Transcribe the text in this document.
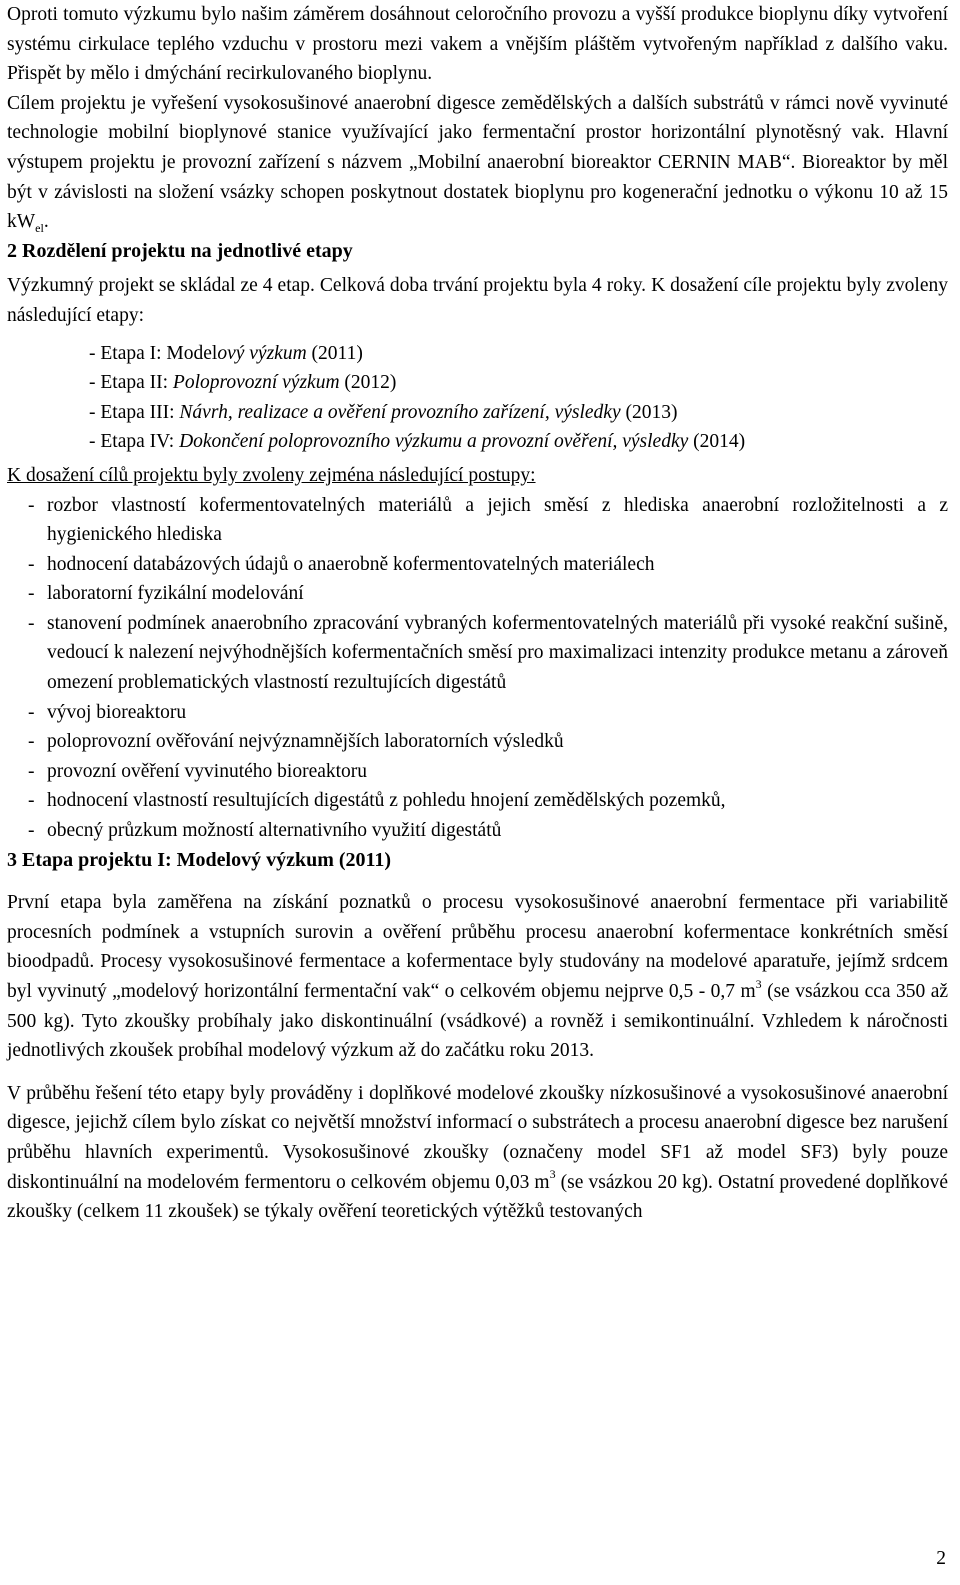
Oproti tomuto výzkumu bylo našim záměrem dosáhnout celoročního provozu a vyšší produkce bioplynu díky vytvoření systému cirkulace teplého vzduchu v prostoru mezi vakem a vnějším pláštěm vytvořeným například z dalšího vaku. Přispět by mělo i dmýchání recirkulovaného bioplynu.

Cílem projektu je vyřešení vysokosušinové anaerobní digesce zemědělských a dalších substrátů v rámci nově vyvinuté technologie mobilní bioplynové stanice využívající jako fermentační prostor horizontální plynotěsný vak. Hlavní výstupem projektu je provozní zařízení s názvem „Mobilní anaerobní bioreaktor CERNIN MAB“. Bioreaktor by měl být v závislosti na složení vsázky schopen poskytnout dostatek bioplynu pro kogenerační jednotku o výkonu 10 až 15 $kW_{el}$.

2 Rozdělení projektu na jednotlivé etapy

Výzkumný projekt se skládal ze 4 etap. Celková doba trvání projektu byla 4 roky. K dosažení cíle projektu byly zvoleny následující etapy:

- Etapa I: Modelový výzkum (2011)
- Etapa II: Poloprovozní výzkum (2012)
- Etapa III: Návrh, realizace a ověření provozního zařízení, výsledky (2013)
- Etapa IV: Dokončení poloprovozního výzkumu a provozní ověření, výsledky (2014)

K dosažení cílů projektu byly zvoleny zejména následující postupy:

- rozbor vlastností kofermentovatelných materiálů a jejich směsí z hlediska anaerobní rozložitelnosti a z hygienického hlediska
- hodnocení databázových údajů o anaerobně kofermentovatelných materiálech
- laboratorní fyzikální modelování
- stanovení podmínek anaerobního zpracování vybraných kofermentovatelných materiálů při vysoké reakční sušině, vedoucí k nalezení nejvýhodnějších kofermentačních směsí pro maximalizaci intenzity produkce metanu a zároveň omezení problematických vlastností rezultujících digestátů
- vývoj bioreaktoru
- poloprovozní ověřování nejvýznamnějších laboratorních výsledků
- provozní ověření vyvinutého bioreaktoru
- hodnocení vlastností resultujících digestátů z pohledu hnojení zemědělských pozemků,
- obecný průzkum možností alternativního využití digestátů
3 Etapa projektu I: Modelový výzkum (2011)

První etapa byla zaměřena na získání poznatků o procesu vysokosušinové anaerobní fermentace při variabilitě procesních podmínek a vstupních surovin a ověření průběhu procesu anaerobní kofermentace konkrétních směsí bioodpadů. Procesy vysokosušinové fermentace a kofermentace byly studovány na modelové aparatuře, jejímž srdcem byl vyvinutý „modelový horizontální fermentační vak“ o celkovém objemu nejprve 0,5 - 0,7 $m^3$ (se vsázkou cca 350 až 500 kg). Tyto zkoušky probíhaly jako diskontinuální (vsádkové) a rovněž i semikontinuální. Vzhledem k náročnosti jednotlivých zkoušek probíhal modelový výzkum až do začátku roku 2013.

V průběhu řešení této etapy byly prováděny i doplňkové modelové zkoušky nízkosušinové a vysokosušinové anaerobní digesce, jejichž cílem bylo získat co největší množství informací o substrátech a procesu anaerobní digesce bez narušení průběhu hlavních experimentů. Vysokosušinové zkoušky (označeny model SF1 až model SF3) byly pouze diskontinuální na modelovém fermentoru o celkovém objemu 0,03 $m^3$ (se vsázkou 20 kg). Ostatní provedené doplňkové zkoušky (celkem 11 zkoušek) se týkaly ověření teoretických výtěžků testovaných

2
